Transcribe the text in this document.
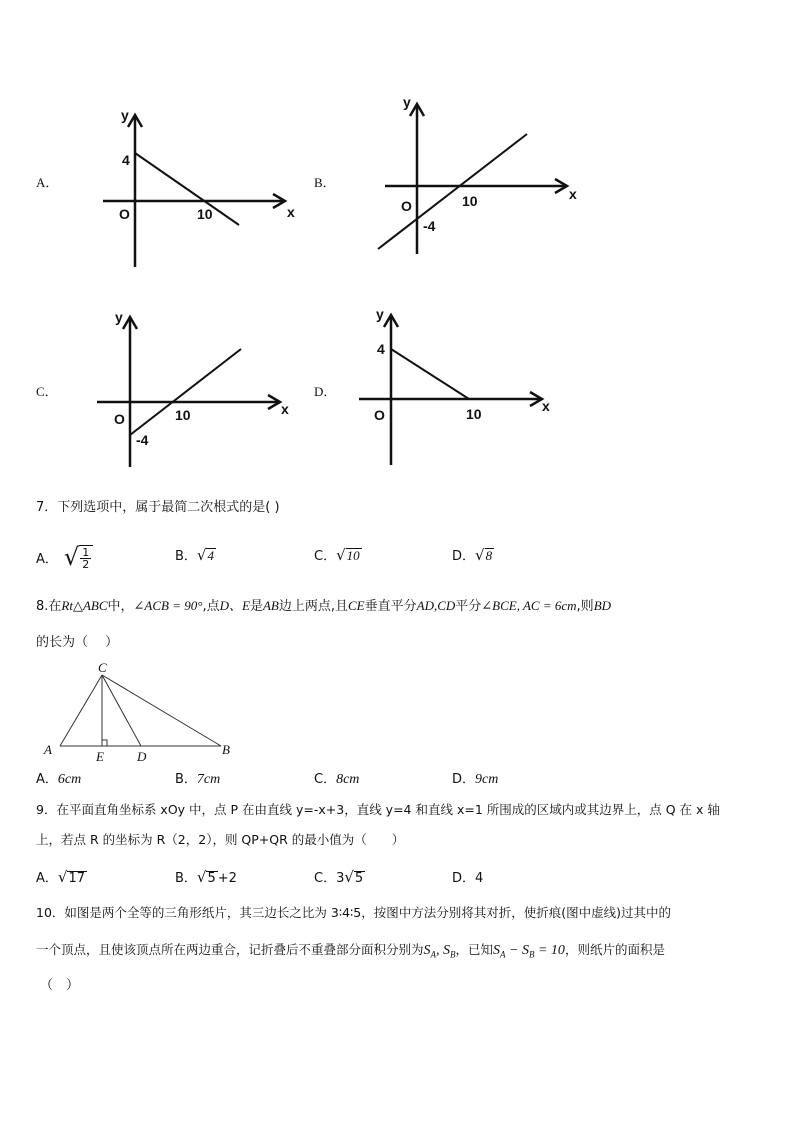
A．
y
x
O
4
10
B．
y
x
O	10
-4
C．
y
x
O	10
-4
D．
y
x
O
4
10
7．下列选项中，属于最简二次根式的是( )
A． √ $\frac{1}{2}$	B．√4	C．√10	D．√8
8.在Rt△ABC中，∠ACB = 90°,点D、E是AB边上两点,且CE垂直平分AD,CD平分∠BCE, AC = 6cm,则BD
的长为（　 ）
C
A	E	D	B
A．6cm	B．7cm	C．8cm	D．9cm
9．在平面直角坐标系 xOy 中，点 P 在由直线 y=-x+3，直线 y=4 和直线 x=1 所围成的区域内或其边界上，点 Q 在 x 轴
上，若点 R 的坐标为 R（2，2），则 QP+QR 的最小值为（　　）
A．√17	B．√5 +2	C．3√5	D．4
10．如图是两个全等的三角形纸片，其三边长之比为 3∶4∶5，按图中方法分别将其对折，使折痕(图中虚线)过其中的
一个顶点，且使该顶点所在两边重合，记折叠后不重叠部分面积分别为$S_A$, $S_B$，已知$S_A - S_B = 10$，则纸片的面积是
（　）
